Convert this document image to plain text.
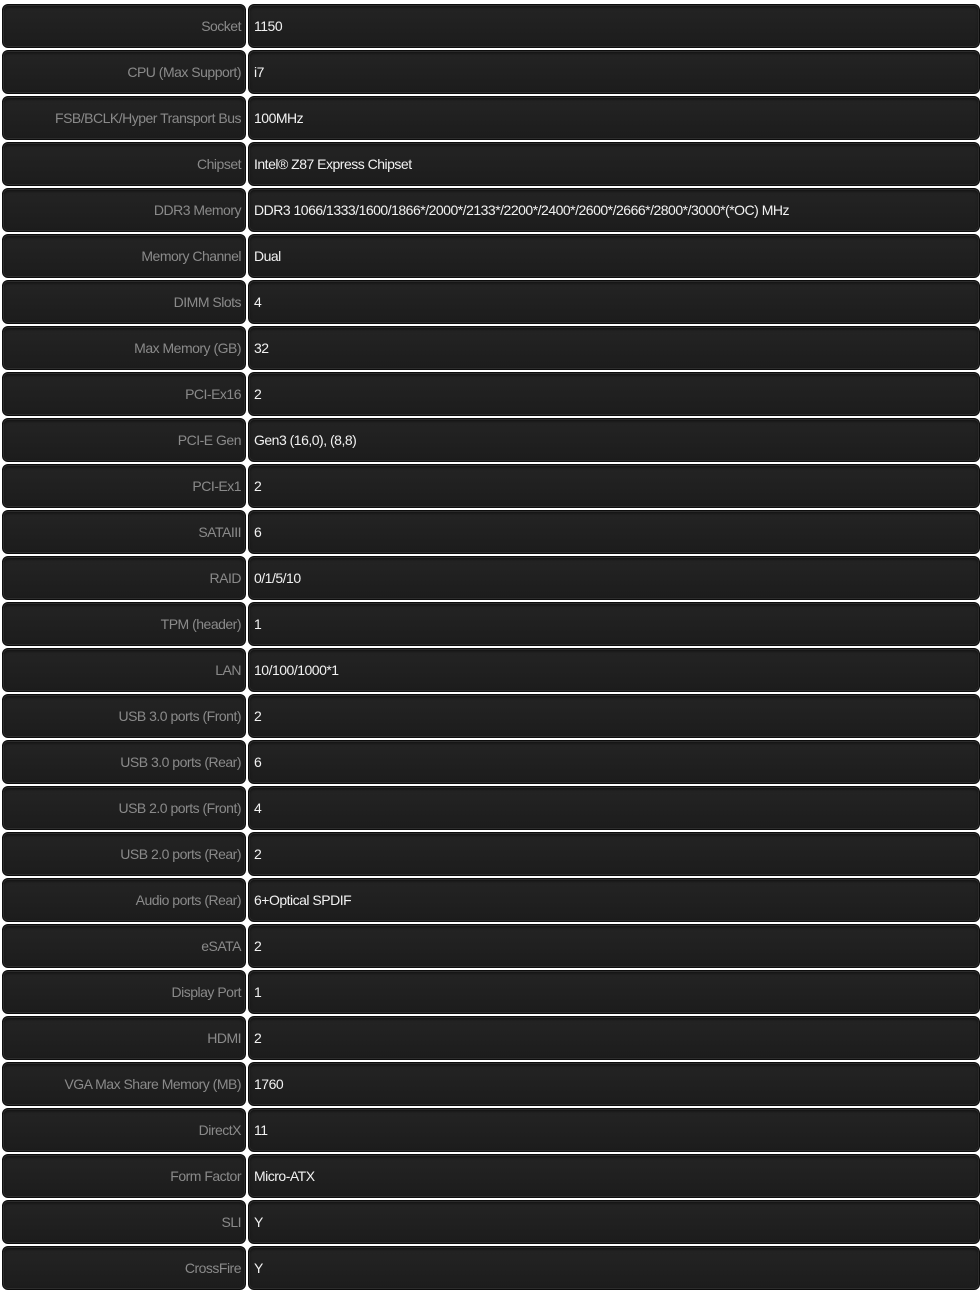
Socket 1150
CPU (Max Support) i7
FSB/BCLK/Hyper Transport Bus 100MHz
Chipset Intel® Z87 Express Chipset
DDR3 Memory DDR3 1066/1333/1600/1866*/2000*/2133*/2200*/2400*/2600*/2666*/2800*/3000*(*OC) MHz
Memory Channel Dual
DIMM Slots 4
Max Memory (GB) 32
PCI-Ex16 2
PCI-E Gen Gen3 (16,0), (8,8)
PCI-Ex1 2
SATAIII 6
RAID 0/1/5/10
TPM (header) 1
LAN 10/100/1000*1
USB 3.0 ports (Front) 2
USB 3.0 ports (Rear) 6
USB 2.0 ports (Front) 4
USB 2.0 ports (Rear) 2
Audio ports (Rear) 6+Optical SPDIF
eSATA 2
Display Port 1
HDMI 2
VGA Max Share Memory (MB) 1760
DirectX 11
Form Factor Micro-ATX
SLI Y
CrossFire Y
